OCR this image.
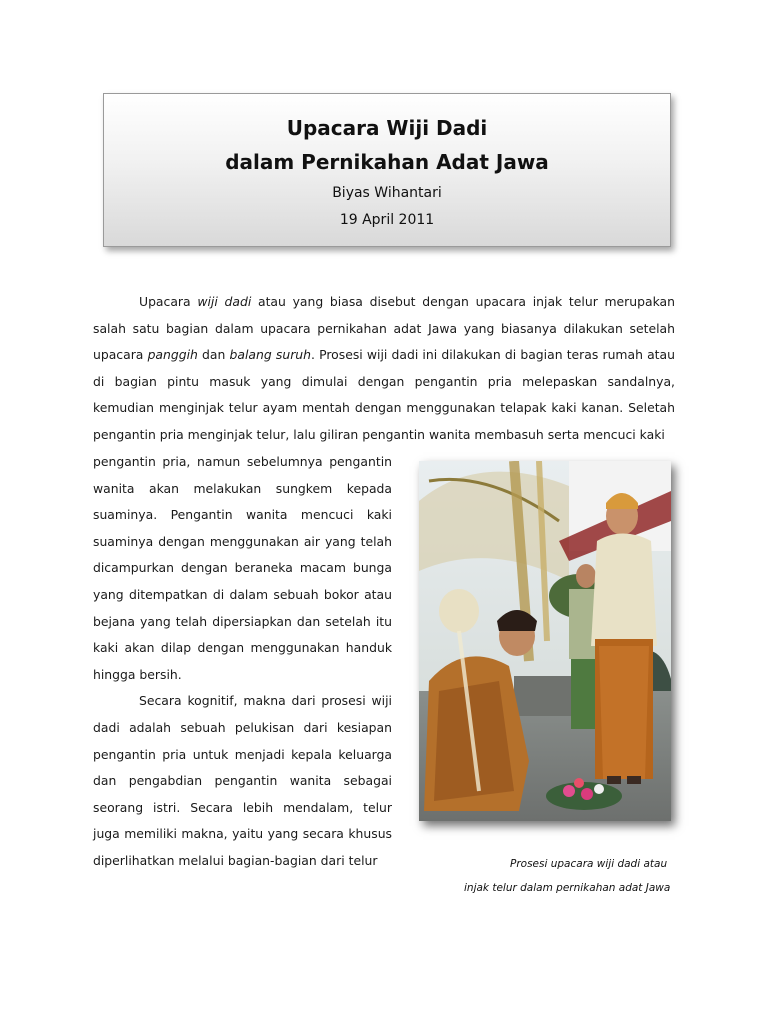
Upacara Wiji Dadi
dalam Pernikahan Adat Jawa
Biyas Wihantari
19 April 2011

Upacara wiji dadi atau yang biasa disebut dengan upacara injak telur merupakan salah satu bagian dalam upacara pernikahan adat Jawa yang biasanya dilakukan setelah upacara panggih dan balang suruh. Prosesi wiji dadi ini dilakukan di bagian teras rumah atau di bagian pintu masuk yang dimulai dengan pengantin pria melepaskan sandalnya, kemudian menginjak telur ayam mentah dengan menggunakan telapak kaki kanan. Seletah pengantin pria menginjak telur, lalu giliran pengantin wanita membasuh serta mencuci kaki

pengantin pria, namun sebelumnya pengantin wanita akan melakukan sungkem kepada suaminya. Pengantin wanita mencuci kaki suaminya dengan menggunakan air yang telah dicampurkan dengan beraneka macam bunga yang ditempatkan di dalam sebuah bokor atau bejana yang telah dipersiapkan dan setelah itu kaki akan dilap dengan menggunakan handuk hingga bersih.

Secara kognitif, makna dari prosesi wiji dadi adalah sebuah pelukisan dari kesiapan pengantin pria untuk menjadi kepala keluarga dan pengabdian pengantin wanita sebagai seorang istri. Secara lebih mendalam, telur juga memiliki makna, yaitu yang secara khusus diperlihatkan melalui bagian-bagian dari telur	Prosesi upacara wiji dadi atau
injak telur dalam pernikahan adat Jawa
